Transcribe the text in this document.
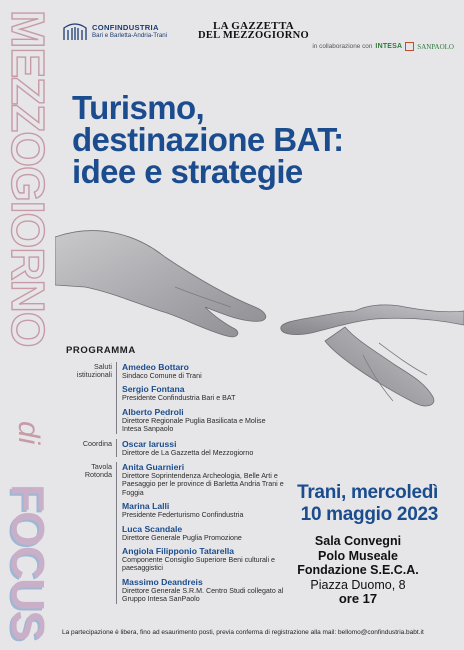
MEZZOGIORNO
di
FOCUS
CONFINDUSTRIA
Bari e Barletta-Andria-Trani
LA GAZZETTA
DEL MEZZOGIORNO
in collaborazione con INTESA SANPAOLO
Turismo,
destinazione BAT:
idee e strategie
PROGRAMMA
Saluti istituzionali
Amedeo Bottaro
Sindaco Comune di Trani
Sergio Fontana
Presidente Confindustria Bari e BAT
Alberto Pedroli
Direttore Regionale Puglia Basilicata e Molise Intesa Sanpaolo
Coordina	Oscar Iarussi
Direttore de La Gazzetta del Mezzogiorno
Tavola Rotonda
Anita Guarnieri
Direttore Soprintendenza Archeologia, Belle Arti e Paesaggio per le province di Barletta Andria Trani e Foggia
Marina Lalli
Presidente Federturismo Confindustria
Luca Scandale
Direttore Generale Puglia Promozione
Angiola Filipponio Tatarella
Componente Consiglio Superiore Beni culturali e paesaggistici
Massimo Deandreis
Direttore Generale S.R.M. Centro Studi collegato al Gruppo Intesa SanPaolo
Trani, mercoledì
10 maggio 2023
Sala Convegni
Polo Museale
Fondazione S.E.C.A.
Piazza Duomo, 8
ore 17
La partecipazione è libera, fino ad esaurimento posti, previa conferma di registrazione alla mail: bellomo@confindustria.babt.it
